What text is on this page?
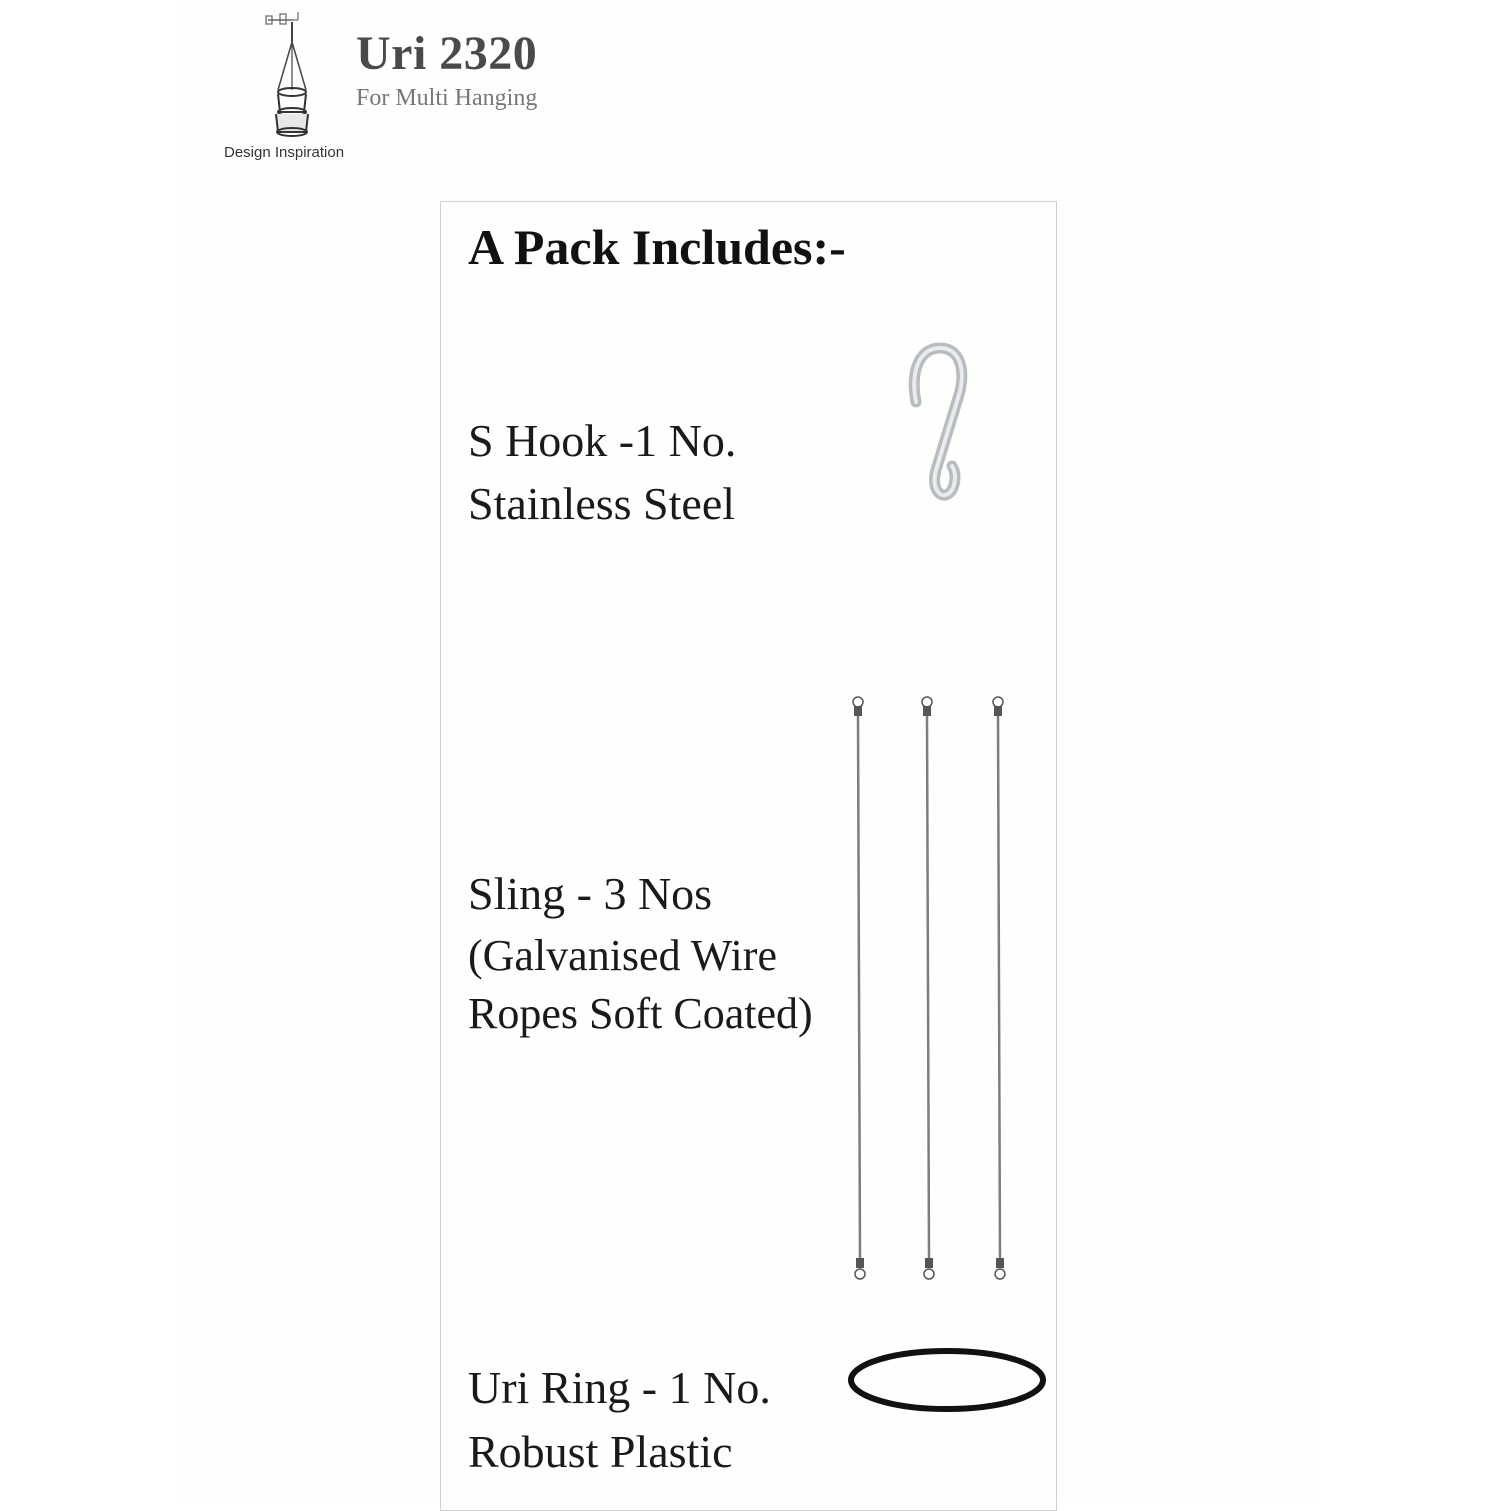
Uri 2320
For Multi Hanging
Design Inspiration
A Pack Includes:-
S Hook -1 No.
Stainless Steel
Sling - 3 Nos
(Galvanised Wire
Ropes Soft Coated)
Uri Ring - 1 No.
Robust Plastic
